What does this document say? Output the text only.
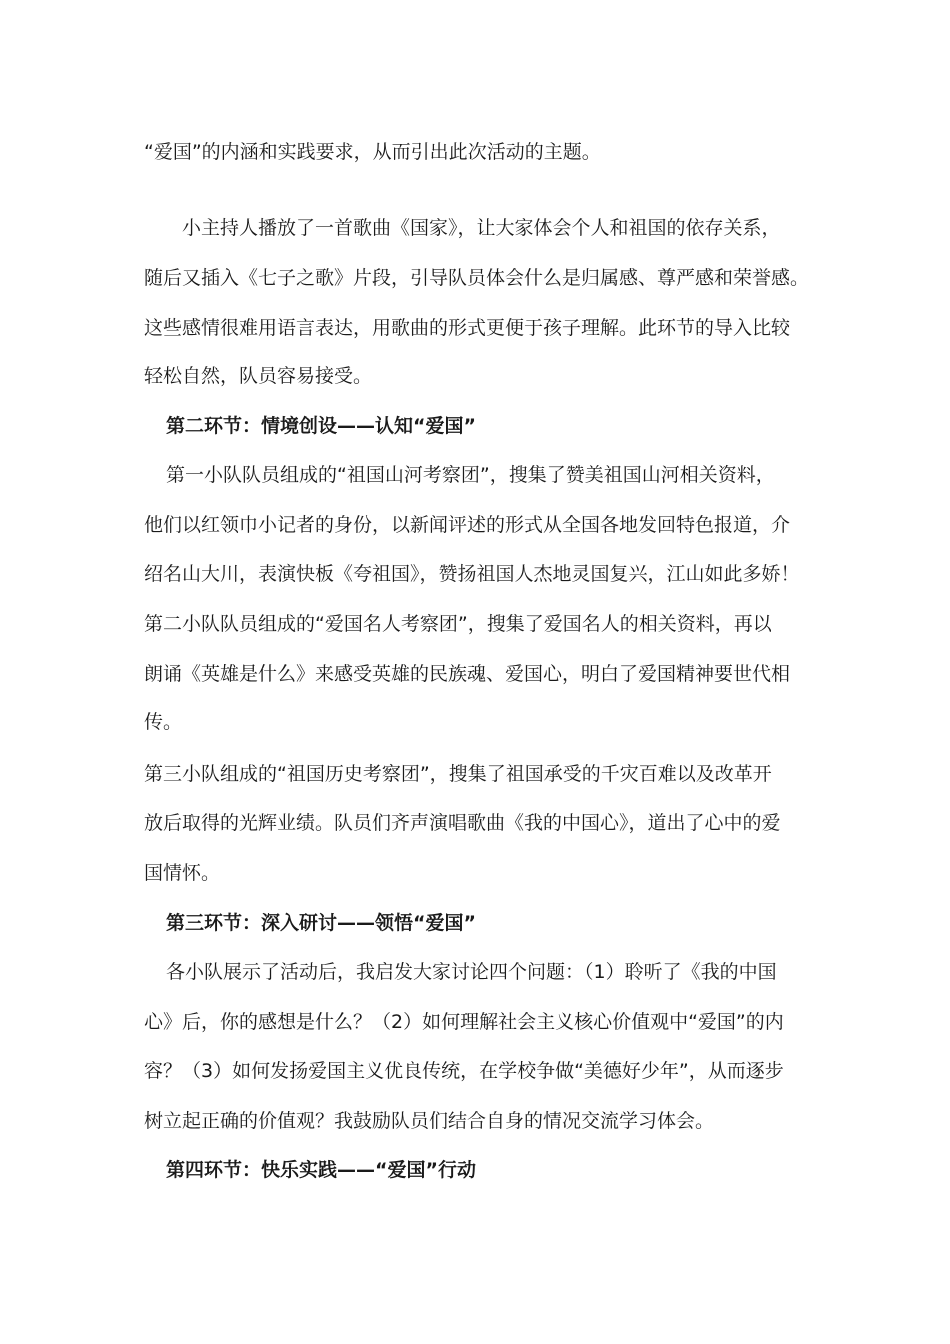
“爱国”的内涵和实践要求，从而引出此次活动的主题。
小主持人播放了一首歌曲《国家》，让大家体会个人和祖国的依存关系，
随后又插入《七子之歌》片段，引导队员体会什么是归属感、尊严感和荣誉感。
这些感情很难用语言表达，用歌曲的形式更便于孩子理解。此环节的导入比较
轻松自然，队员容易接受。
第二环节：情境创设——认知“爱国”
第一小队队员组成的“祖国山河考察团”，搜集了赞美祖国山河相关资料，
他们以红领巾小记者的身份，以新闻评述的形式从全国各地发回特色报道，介
绍名山大川，表演快板《夸祖国》，赞扬祖国人杰地灵国复兴，江山如此多娇！
第二小队队员组成的“爱国名人考察团”，搜集了爱国名人的相关资料，再以
朗诵《英雄是什么》来感受英雄的民族魂、爱国心，明白了爱国精神要世代相
传。
第三小队组成的“祖国历史考察团”，搜集了祖国承受的千灾百难以及改革开
放后取得的光辉业绩。队员们齐声演唱歌曲《我的中国心》，道出了心中的爱
国情怀。
第三环节：深入研讨——领悟“爱国”
各小队展示了活动后，我启发大家讨论四个问题：（1）聆听了《我的中国
心》后，你的感想是什么？（2）如何理解社会主义核心价值观中“爱国”的内
容？（3）如何发扬爱国主义优良传统，在学校争做“美德好少年”，从而逐步
树立起正确的价值观？我鼓励队员们结合自身的情况交流学习体会。
第四环节：快乐实践——“爱国”行动
